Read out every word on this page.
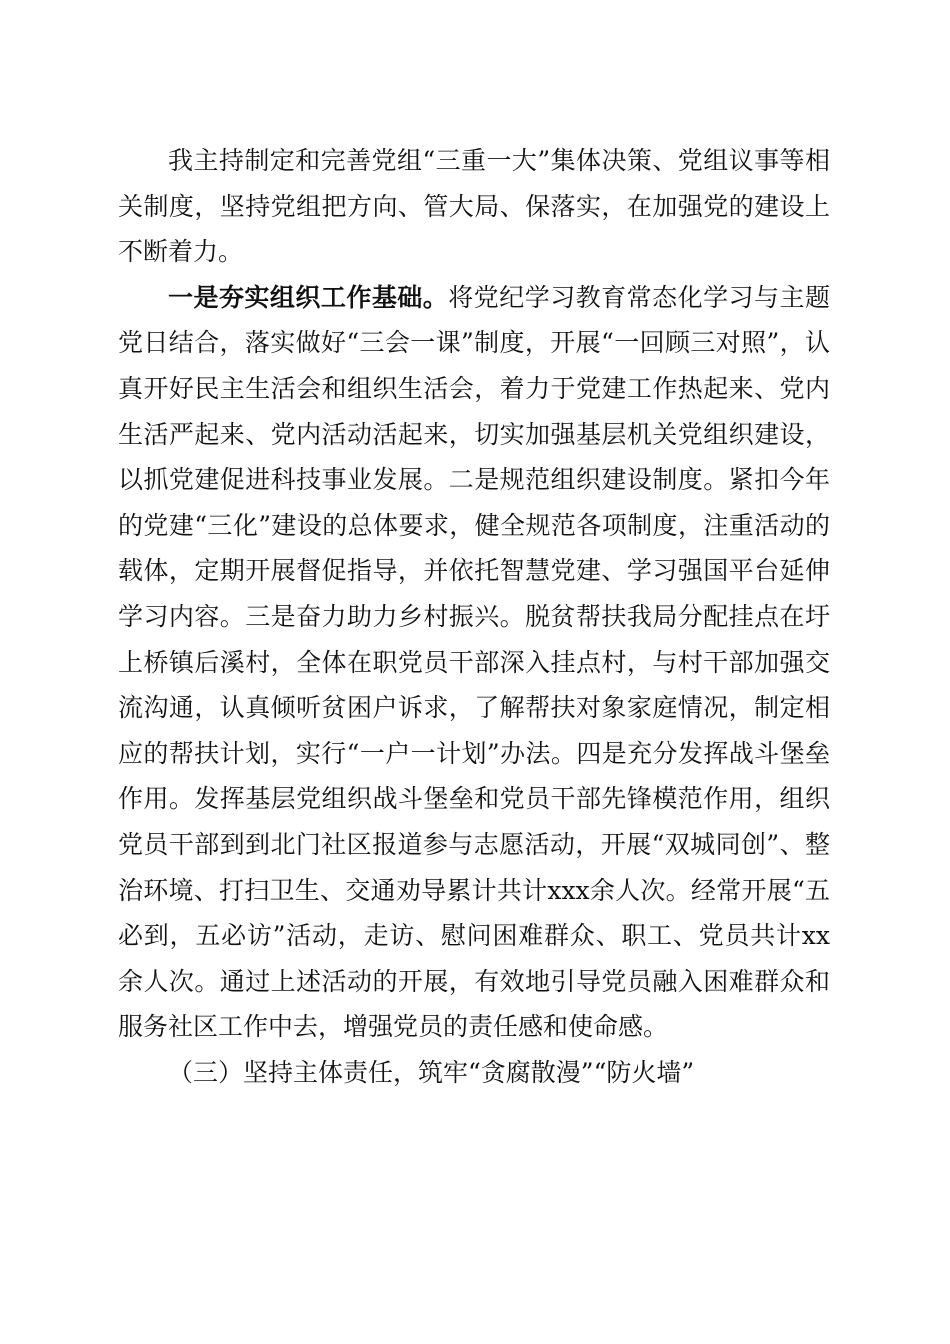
我主持制定和完善党组“三重一大”集体决策、党组议事等相关制度，坚持党组把方向、管大局、保落实，在加强党的建设上不断着力。

一是夯实组织工作基础。将党纪学习教育常态化学习与主题党日结合，落实做好“三会一课”制度，开展“一回顾三对照”，认真开好民主生活会和组织生活会，着力于党建工作热起来、党内生活严起来、党内活动活起来，切实加强基层机关党组织建设，以抓党建促进科技事业发展。二是规范组织建设制度。紧扣今年的党建“三化”建设的总体要求，健全规范各项制度，注重活动的载体，定期开展督促指导，并依托智慧党建、学习强国平台延伸学习内容。三是奋力助力乡村振兴。脱贫帮扶我局分配挂点在圩上桥镇后溪村，全体在职党员干部深入挂点村，与村干部加强交流沟通，认真倾听贫困户诉求，了解帮扶对象家庭情况，制定相应的帮扶计划，实行“一户一计划”办法。四是充分发挥战斗堡垒作用。发挥基层党组织战斗堡垒和党员干部先锋模范作用，组织党员干部到到北门社区报道参与志愿活动，开展“双城同创”、整治环境、打扫卫生、交通劝导累计共计xxx余人次。经常开展“五必到，五必访”活动，走访、慰问困难群众、职工、党员共计xx余人次。通过上述活动的开展，有效地引导党员融入困难群众和服务社区工作中去，增强党员的责任感和使命感。

（三）坚持主体责任，筑牢“贪腐散漫”“防火墙”
